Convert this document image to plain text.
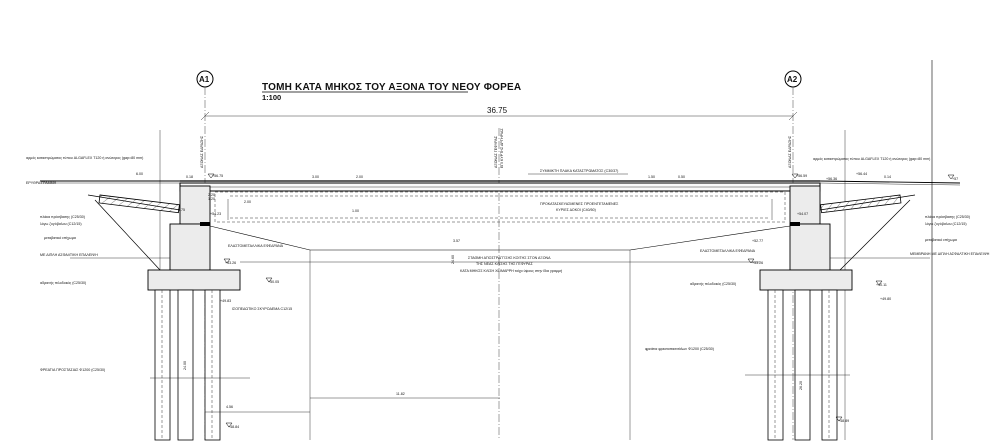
ΤΟΜΗ ΚΑΤΑ ΜΗΚΟΣ ΤΟΥ ΑΞΟΝΑ ΤΟΥ ΝΕΟΥ ΦΟΡΕΑ
1:100
A1	A2
36.75
ΑΞΟΝΑΣ ΓΕΦΥΡΑΣ ΕΠΙ ΚΥΡΤΗΣ ΑΡΤΗΡΙΑΣ
ΑΞΟΝΑΣ ΕΔΡΑΣΗΣ	ΑΞΟΝΑΣ ΕΔΡΑΣΗΣ
αρμός καταστρώματος τύπου ALGAFLEX T120 ή ανώτερος (gap=80 mm)
ΕΡΥΘΡΑ ΓΡΑΜΜΗ
πλάκα πρόσβασης (C25/30)
λόγω ζυγόβαλου (C12/15)
μεταβατικό επίχωμα
ΜΕ ΔΙΠΛΗ ΑΣΦΑΛΤΙΚΗ ΕΠΑΛΕΙΨΗ
αδρανής πιλοδοκός (C25/30)
ΦΡΕΑΤΙΑ ΠΡΟΣΤΑΣΙΑΣ Φ1200 (C25/30)
ΙΣΟΠΕΔΩΤΙΚΟ ΣΚΥΡΟΔΕΜΑ C12/15
ΕΛΑΣΤΟΜΕΤΑΛΛΙΚΑ ΕΦΕΔΡΑΝΑ
ΣΥΜΜΙΚΤΗ ΠΛΑΚΑ ΚΑΤΑΣΤΡΩΜΑΤΟΣ (C30/37)
ΠΡΟΚΑΤΑΣΚΕΥΑΣΜΕΝΕΣ ΠΡΟΕΝΤΕΤΑΜΕΝΕΣ
ΚΥΡΙΕΣ ΔΟΚΟΙ (C40/50)
ΣΤΑΘΜΗ ΑΠΟΣΤΡΑΓΓΙΣΗΣ ΚΟΙΤΗΣ ΣΤΟΝ ΑΞΟΝΑ
ΤΗΣ ΝΕΑΣ ΚΛΙΣΗΣ ΤΗΣ ΓΕΦΥΡΑΣ
ΚΑΤΑ ΜΗΚΟΣ ΚΛΙΣΗ ΧΕΙΜΑΡΡΗ τοίχο ύψους στην ίδια γραμμή
αρμός καταστρώματος τύπου ALGAFLEX T120 ή ανώτερος (gap=80 mm)
πλάκα πρόσβασης (C25/30)
λόγω ζυγόβαλου (C12/15)
μεταβατικό επίχωμα
ΜΕΜΒΡΑΝΗ ΜΕ ΔΙΠΛΗ ΑΣΦΑΛΤΙΚΗ ΕΠΑΛΕΙΨΗ
αδρανής πιλοδοκός (C25/30)
φρεάτια φρεατοπασσάλων Φ1200 (C25/30)
ΕΛΑΣΤΟΜΕΤΑΛΛΙΚΑ ΕΦΕΔΡΑΝΑ
+56.75	+56.59
0.18
2.20
2.00
0.75
+54.23
1.20
+52.77
+54.07
+53.26	+53.26
+49.83
+50.05
+49.80
24.00
4.56
11.82
+48.84
+48.89
6.00
3.00	2.00	1.50	0.50	+56.36	0.14
+56.44
26.20
3.57
1.00
24.60
+40.11
+57
